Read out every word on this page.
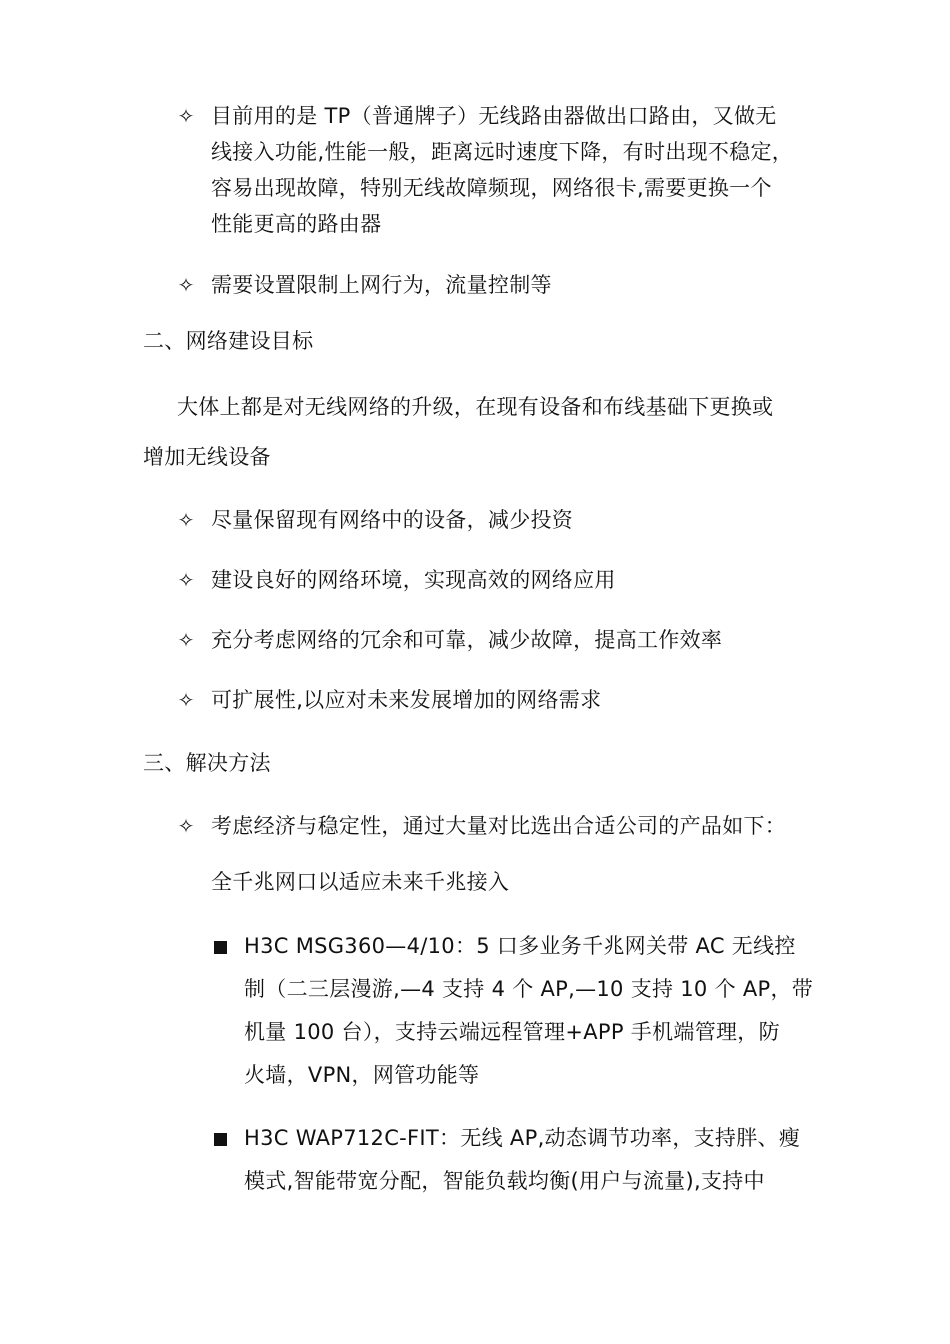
✧ 目前用的是 TP（普通牌子）无线路由器做出口路由，又做无
线接入功能,性能一般，距离远时速度下降，有时出现不稳定，
容易出现故障，特别无线故障频现，网络很卡,需要更换一个
性能更高的路由器
✧ 需要设置限制上网行为，流量控制等
二、网络建设目标
大体上都是对无线网络的升级，在现有设备和布线基础下更换或
增加无线设备
✧ 尽量保留现有网络中的设备，减少投资
✧ 建设良好的网络环境，实现高效的网络应用
✧ 充分考虑网络的冗余和可靠，减少故障，提高工作效率
✧ 可扩展性,以应对未来发展增加的网络需求
三、解决方法
✧ 考虑经济与稳定性，通过大量对比选出合适公司的产品如下：
全千兆网口以适应未来千兆接入
H3C MSG360—4/10：5 口多业务千兆网关带 AC 无线控
制（二三层漫游,—4 支持 4 个 AP,—10 支持 10 个 AP，带
机量 100 台），支持云端远程管理+APP 手机端管理，防
火墙，VPN，网管功能等
H3C WAP712C-FIT：无线 AP,动态调节功率，支持胖、瘦
模式,智能带宽分配，智能负载均衡(用户与流量),支持中
